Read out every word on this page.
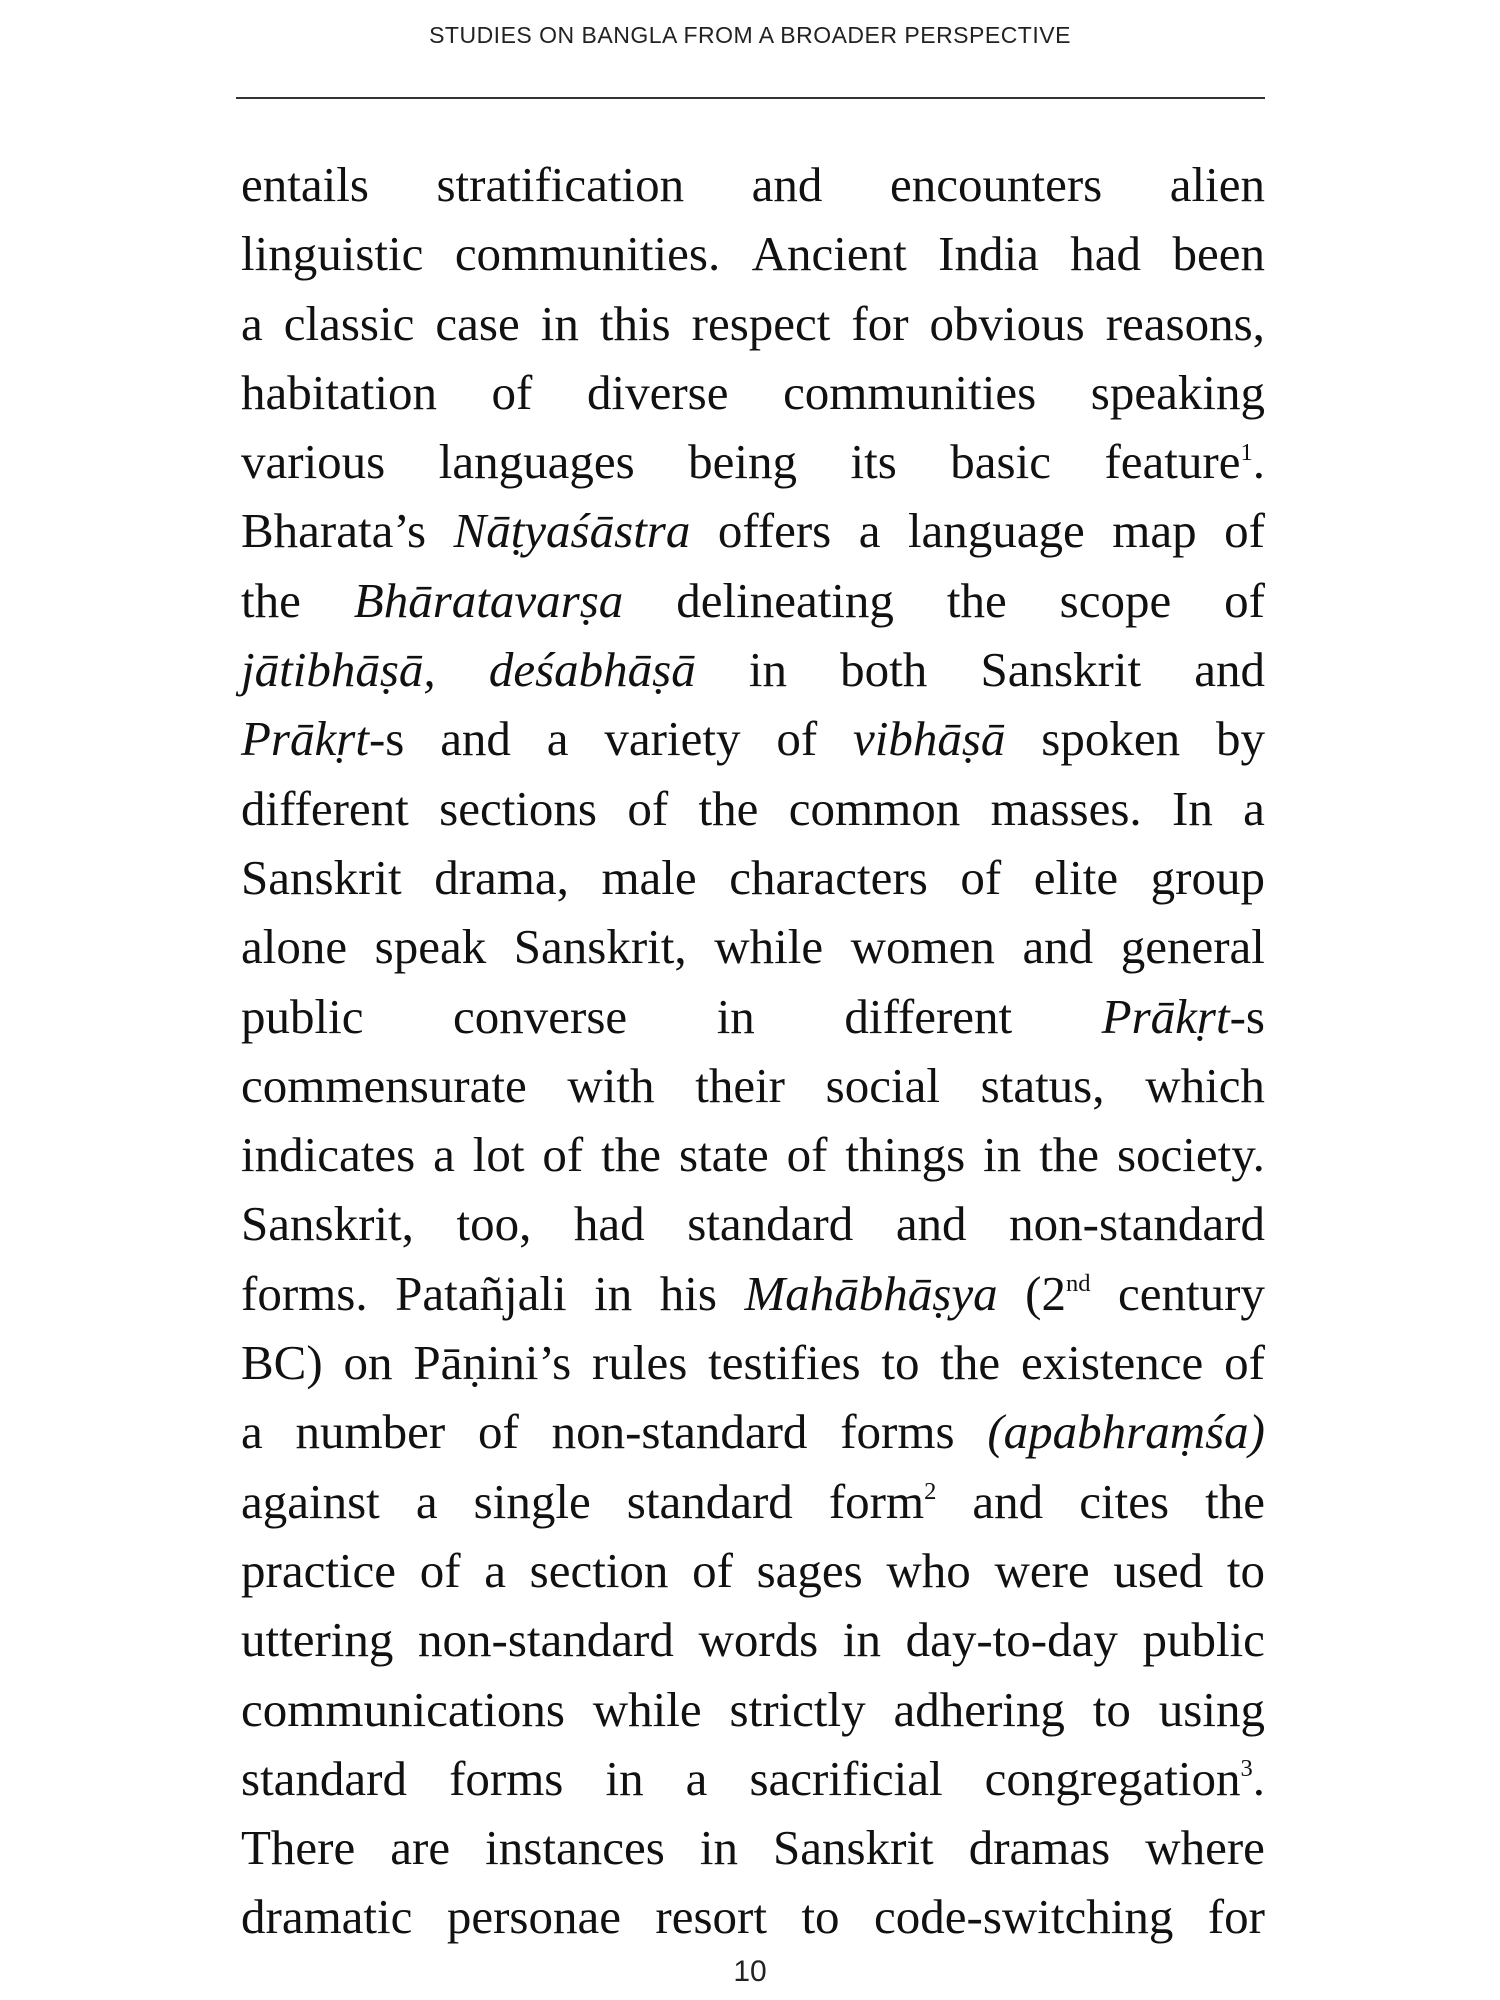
STUDIES ON BANGLA FROM A BROADER PERSPECTIVE
entails stratification and encounters alien
linguistic communities. Ancient India had been
a classic case in this respect for obvious reasons,
habitation of diverse communities speaking
various languages being its basic feature$^1$.
Bharata’s Nāṭyaśāstra offers a language map of
the Bhāratavarṣa delineating the scope of
jātibhāṣā, deśabhāṣā in both Sanskrit and
Prākṛt-s and a variety of vibhāṣā spoken by
different sections of the common masses. In a
Sanskrit drama, male characters of elite group
alone speak Sanskrit, while women and general
public converse in different Prākṛt-s
commensurate with their social status, which
indicates a lot of the state of things in the society.
Sanskrit, too, had standard and non-standard
forms. Patañjali in his Mahābhāṣya (2nd century
BC) on Pāṇini’s rules testifies to the existence of
a number of non-standard forms (apabhraṃśa)
against a single standard form$^2$ and cites the
practice of a section of sages who were used to
uttering non-standard words in day-to-day public
communications while strictly adhering to using
standard forms in a sacrificial congregation$^3$.
There are instances in Sanskrit dramas where
dramatic personae resort to code-switching for
10
